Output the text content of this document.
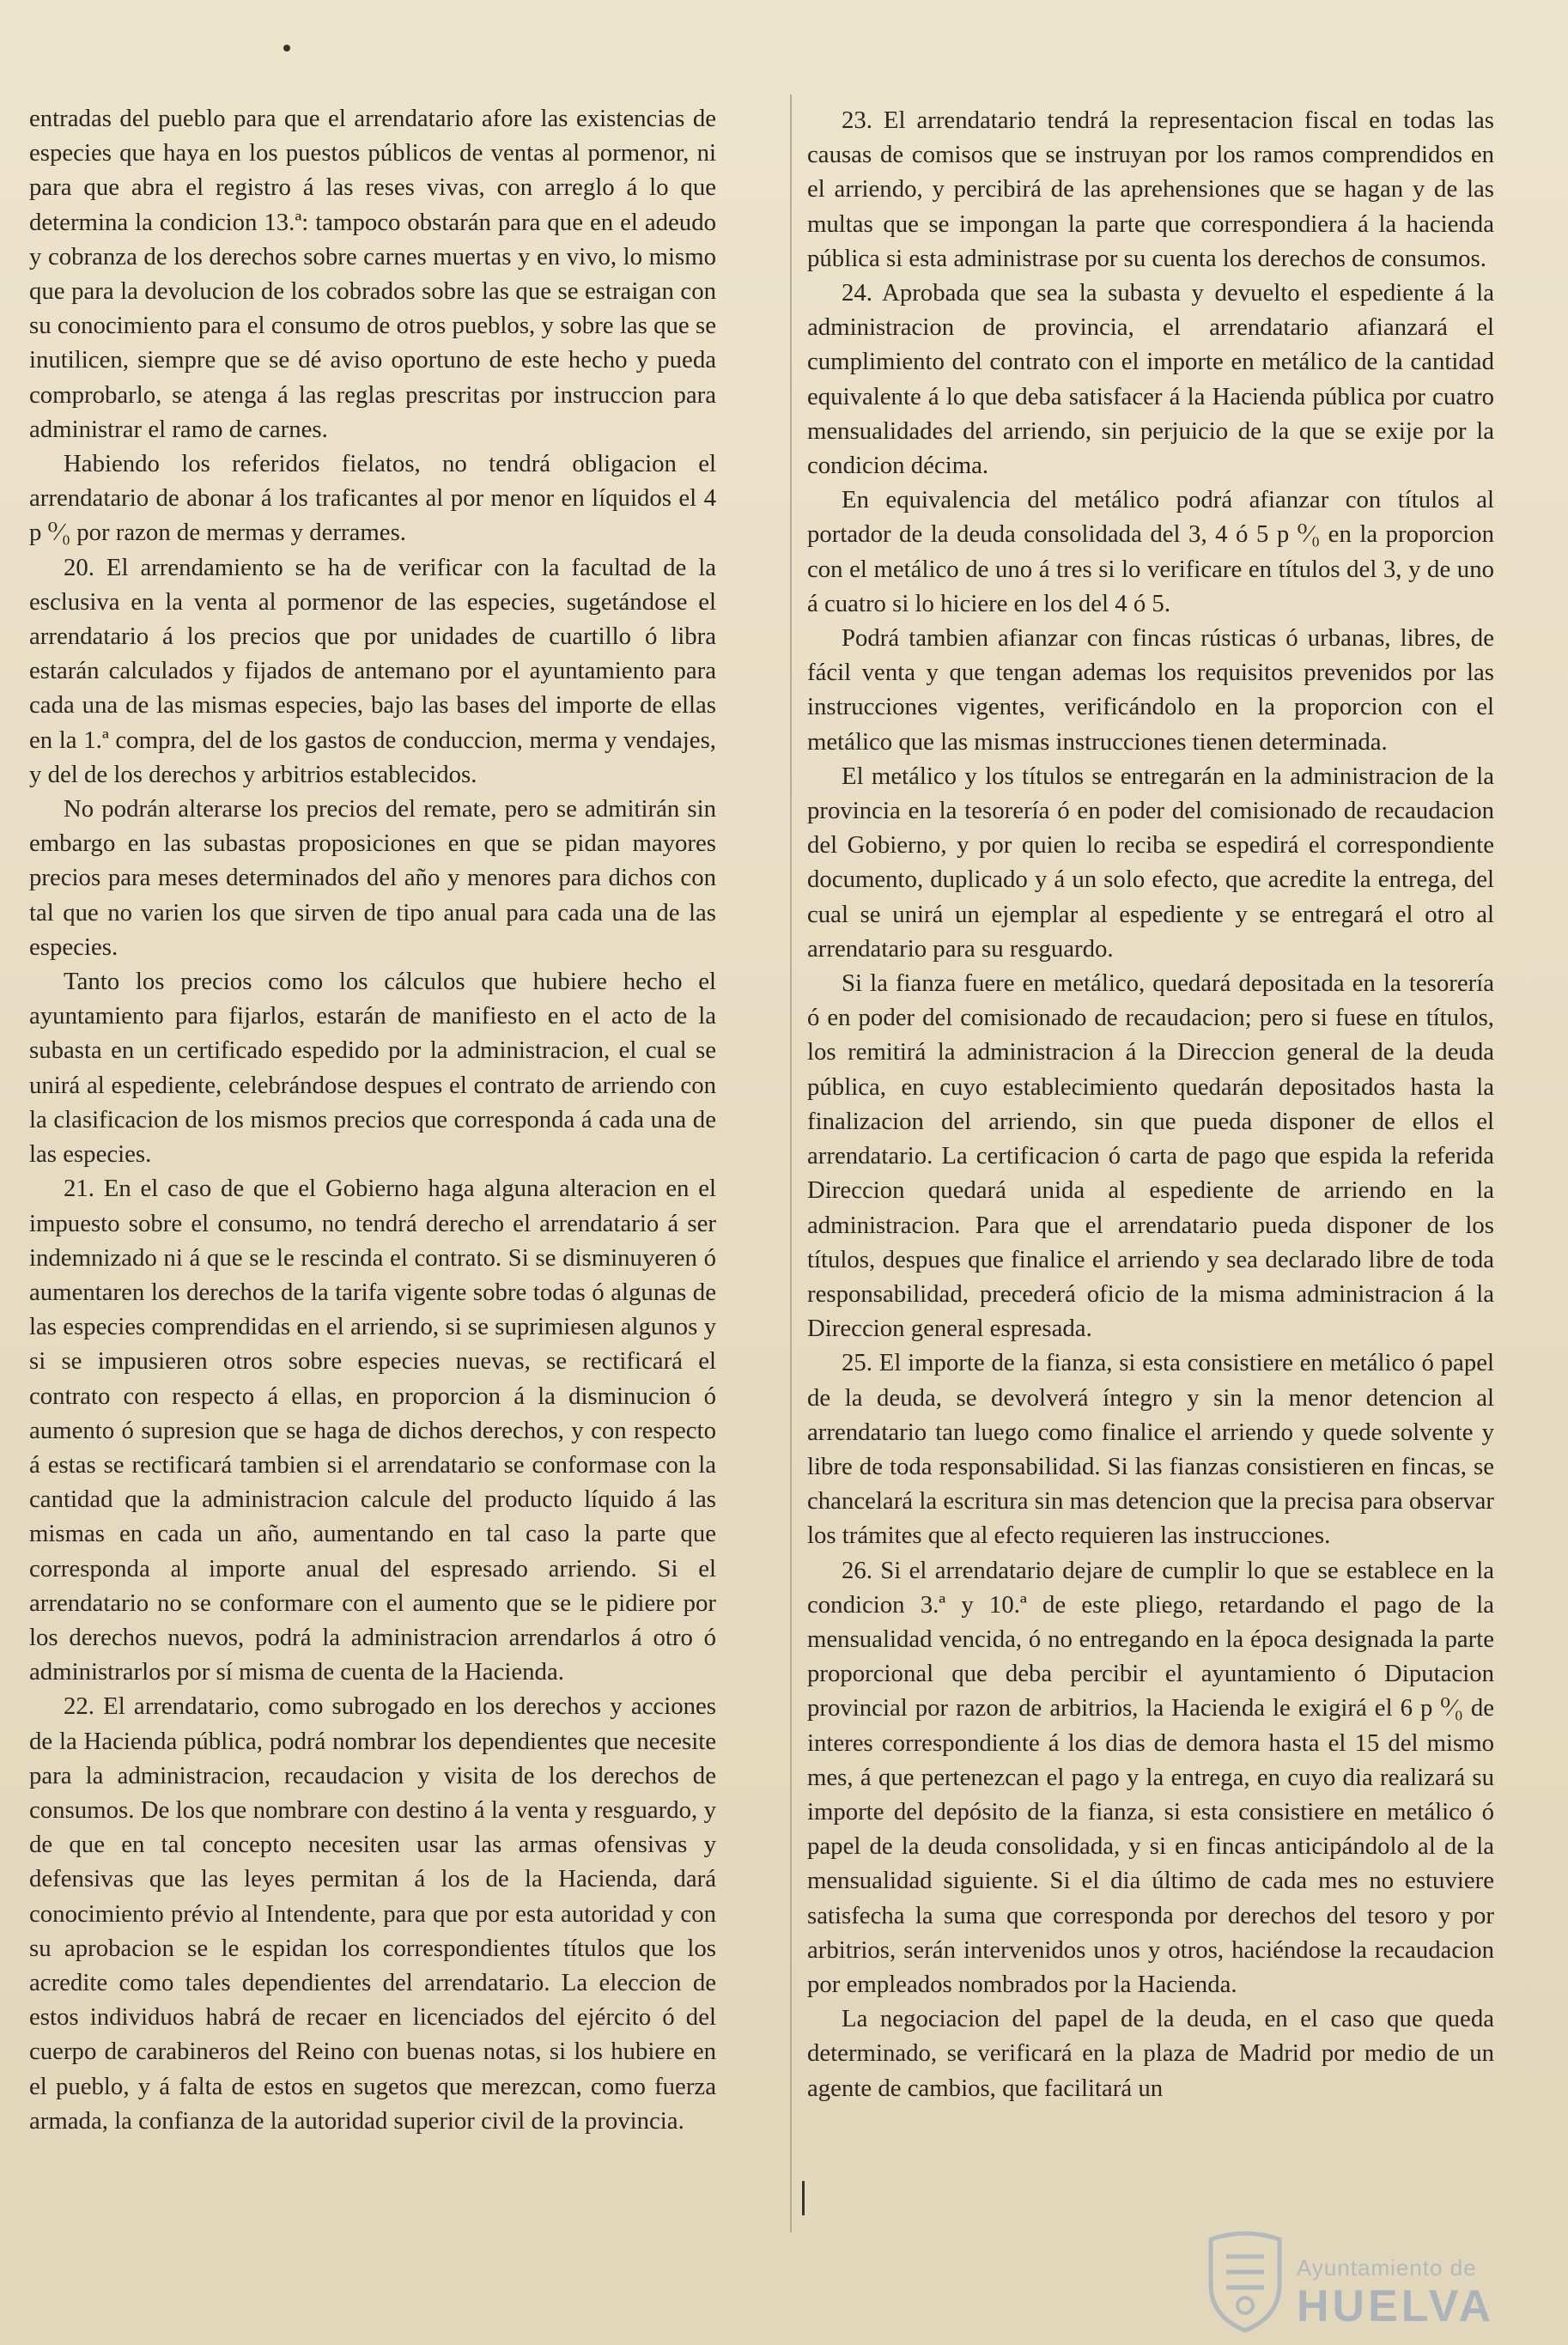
entradas del pueblo para que el arrendatario afore las existencias de especies que haya en los puestos públicos de ventas al pormenor, ni para que abra el registro á las reses vivas, con arreglo á lo que determina la condicion 13.ª: tampoco obstarán para que en el adeudo y cobranza de los derechos sobre carnes muertas y en vivo, lo mismo que para la devolucion de los cobrados sobre las que se estraigan con su conocimiento para el consumo de otros pueblos, y sobre las que se inutilicen, siempre que se dé aviso oportuno de este hecho y pueda comprobarlo, se atenga á las reglas prescritas por instruccion para administrar el ramo de carnes.

Habiendo los referidos fielatos, no tendrá obligacion el arrendatario de abonar á los traficantes al por menor en líquidos el 4 p ⁰⁄₀ por razon de mermas y derrames.

20. El arrendamiento se ha de verificar con la facultad de la esclusiva en la venta al pormenor de las especies, sugetándose el arrendatario á los precios que por unidades de cuartillo ó libra estarán calculados y fijados de antemano por el ayuntamiento para cada una de las mismas especies, bajo las bases del importe de ellas en la 1.ª compra, del de los gastos de conduccion, merma y vendajes, y del de los derechos y arbitrios establecidos.

No podrán alterarse los precios del remate, pero se admitirán sin embargo en las subastas proposiciones en que se pidan mayores precios para meses determinados del año y menores para dichos con tal que no varien los que sirven de tipo anual para cada una de las especies.

Tanto los precios como los cálculos que hubiere hecho el ayuntamiento para fijarlos, estarán de manifiesto en el acto de la subasta en un certificado espedido por la administracion, el cual se unirá al espediente, celebrándose despues el contrato de arriendo con la clasificacion de los mismos precios que corresponda á cada una de las especies.

21. En el caso de que el Gobierno haga alguna alteracion en el impuesto sobre el consumo, no tendrá derecho el arrendatario á ser indemnizado ni á que se le rescinda el contrato. Si se disminuyeren ó aumentaren los derechos de la tarifa vigente sobre todas ó algunas de las especies comprendidas en el arriendo, si se suprimiesen algunos y si se impusieren otros sobre especies nuevas, se rectificará el contrato con respecto á ellas, en proporcion á la disminucion ó aumento ó supresion que se haga de dichos derechos, y con respecto á estas se rectificará tambien si el arrendatario se conformase con la cantidad que la administracion calcule del producto líquido á las mismas en cada un año, aumentando en tal caso la parte que corresponda al importe anual del espresado arriendo. Si el arrendatario no se conformare con el aumento que se le pidiere por los derechos nuevos, podrá la administracion arrendarlos á otro ó administrarlos por sí misma de cuenta de la Hacienda.

22. El arrendatario, como subrogado en los derechos y acciones de la Hacienda pública, podrá nombrar los dependientes que necesite para la administracion, recaudacion y visita de los derechos de consumos. De los que nombrare con destino á la venta y resguardo, y de que en tal concepto necesiten usar las armas ofensivas y defensivas que las leyes permitan á los de la Hacienda, dará conocimiento prévio al Intendente, para que por esta autoridad y con su aprobacion se le espidan los correspondientes títulos que los acredite como tales dependientes del arrendatario. La eleccion de estos individuos habrá de recaer en licenciados del ejército ó del cuerpo de carabineros del Reino con buenas notas, si los hubiere en el pueblo, y á falta de estos en sugetos que merezcan, como fuerza armada, la confianza de la autoridad superior civil de la provincia.

23. El arrendatario tendrá la representacion fiscal en todas las causas de comisos que se instruyan por los ramos comprendidos en el arriendo, y percibirá de las aprehensiones que se hagan y de las multas que se impongan la parte que correspondiera á la hacienda pública si esta administrase por su cuenta los derechos de consumos.

24. Aprobada que sea la subasta y devuelto el espediente á la administracion de provincia, el arrendatario afianzará el cumplimiento del contrato con el importe en metálico de la cantidad equivalente á lo que deba satisfacer á la Hacienda pública por cuatro mensualidades del arriendo, sin perjuicio de la que se exije por la condicion décima.

En equivalencia del metálico podrá afianzar con títulos al portador de la deuda consolidada del 3, 4 ó 5 p ⁰⁄₀ en la proporcion con el metálico de uno á tres si lo verificare en títulos del 3, y de uno á cuatro si lo hiciere en los del 4 ó 5.

Podrá tambien afianzar con fincas rústicas ó urbanas, libres, de fácil venta y que tengan ademas los requisitos prevenidos por las instrucciones vigentes, verificándolo en la proporcion con el metálico que las mismas instrucciones tienen determinada.

El metálico y los títulos se entregarán en la administracion de la provincia en la tesorería ó en poder del comisionado de recaudacion del Gobierno, y por quien lo reciba se espedirá el correspondiente documento, duplicado y á un solo efecto, que acredite la entrega, del cual se unirá un ejemplar al espediente y se entregará el otro al arrendatario para su resguardo.

Si la fianza fuere en metálico, quedará depositada en la tesorería ó en poder del comisionado de recaudacion; pero si fuese en títulos, los remitirá la administracion á la Direccion general de la deuda pública, en cuyo establecimiento quedarán depositados hasta la finalizacion del arriendo, sin que pueda disponer de ellos el arrendatario. La certificacion ó carta de pago que espida la referida Direccion quedará unida al espediente de arriendo en la administracion. Para que el arrendatario pueda disponer de los títulos, despues que finalice el arriendo y sea declarado libre de toda responsabilidad, precederá oficio de la misma administracion á la Direccion general espresada.

25. El importe de la fianza, si esta consistiere en metálico ó papel de la deuda, se devolverá íntegro y sin la menor detencion al arrendatario tan luego como finalice el arriendo y quede solvente y libre de toda responsabilidad. Si las fianzas consistieren en fincas, se chancelará la escritura sin mas detencion que la precisa para observar los trámites que al efecto requieren las instrucciones.

26. Si el arrendatario dejare de cumplir lo que se establece en la condicion 3.ª y 10.ª de este pliego, retardando el pago de la mensualidad vencida, ó no entregando en la época designada la parte proporcional que deba percibir el ayuntamiento ó Diputacion provincial por razon de arbitrios, la Hacienda le exigirá el 6 p ⁰⁄₀ de interes correspondiente á los dias de demora hasta el 15 del mismo mes, á que pertenezcan el pago y la entrega, en cuyo dia realizará su importe del depósito de la fianza, si esta consistiere en metálico ó papel de la deuda consolidada, y si en fincas anticipándolo al de la mensualidad siguiente. Si el dia último de cada mes no estuviere satisfecha la suma que corresponda por derechos del tesoro y por arbitrios, serán intervenidos unos y otros, haciéndose la recaudacion por empleados nombrados por la Hacienda.

La negociacion del papel de la deuda, en el caso que queda determinado, se verificará en la plaza de Madrid por medio de un agente de cambios, que facilitará un

Ayuntamiento de
HUELVA
